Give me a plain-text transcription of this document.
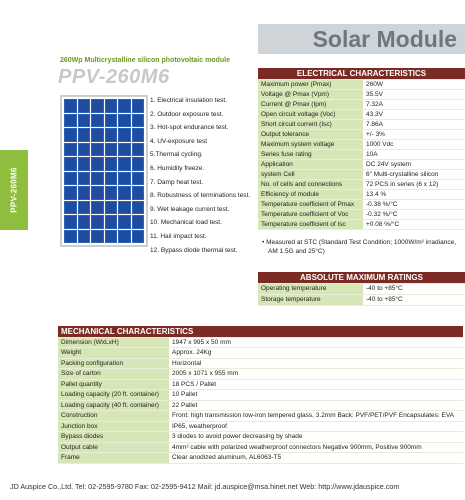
PPV-260M6
Solar Module
260Wp Multicrystalline silicon photovoltaic module
PPV-260M6
1. Electrical insulation test.
2. Outdoor exposure test.
3. Hot-spot endurance test.
4. UV-exposure test
5.Thermal cycling.
6. Humidity freeze.
7. Damp heat test.
8. Robustness of terminations test.
9. Wet leakage current test.
10. Mechanical load test.
11. Hail impact test.
12. Bypass diode thermal test.
ELECTRICAL CHARACTERISTICS	
Maximum power (Pmax)	260W
Voltage @ Pmax (Vpm)	35.5V
Current @ Pmax (Ipm)	7.32A
Open circuit voltage (Voc)	43.3V
Short circuit current (Isc)	7.86A
Output tolerance	+/- 3%
Maximum system voltage	1000 Vdc
Series fuse rating	10A
Application	DC 24V system
system Cell	6" Multi-crystalline silicon
No. of cells and connections	72 PCS in series (6 x 12)
Efficiency of module	13.4 %
Temperature coefficient of Pmax	-0.38 %/°C
Temperature coefficient of Voc	-0.32 %/°C
Temperature coefficient of Isc	+0.08 %/°C
• Measured at STC (Standard Test Condition; 1000W/m² irradiance,
AM 1.5G and 25°C)
ABSOLUTE MAXIMUM RATINGS	
Operating temperature	-40 to +85°C
Storage temperature	-40 to +85°C
MECHANICAL CHARACTERISTICS	
Dimension (WxLxH)	1947 x 995 x 50 mm
Weight	Approx. 24Kg
Packing configuration	Horizontal
Size of carton	2005 x 1071 x 955 mm
Pallet quantity	18 PCS / Pallet
Loading capacity (20 ft. container)	10 Pallet
Loading capacity (40 ft. container)	22 Pallet
Construction	Front: high transmission low-iron tempered glass, 3.2mm Back: PVF/PET/PVF Encapsulates: EVA
Junction box	IP65, weatherproof
Bypass diodes	3 diodes to avoid power decreasing by shade
Output cable	4mm² cable with polarized weatherproof connectors Negative 900mm, Positive 900mm
Frame	Clear anodized aluminum, AL6063-T5
JD Auspice Co.,Ltd. Tel: 02-2595-9780 Fax: 02-2595-9412 Mail: jd.auspice@msa.hinet.net Web: http://www.jdauspice.com
